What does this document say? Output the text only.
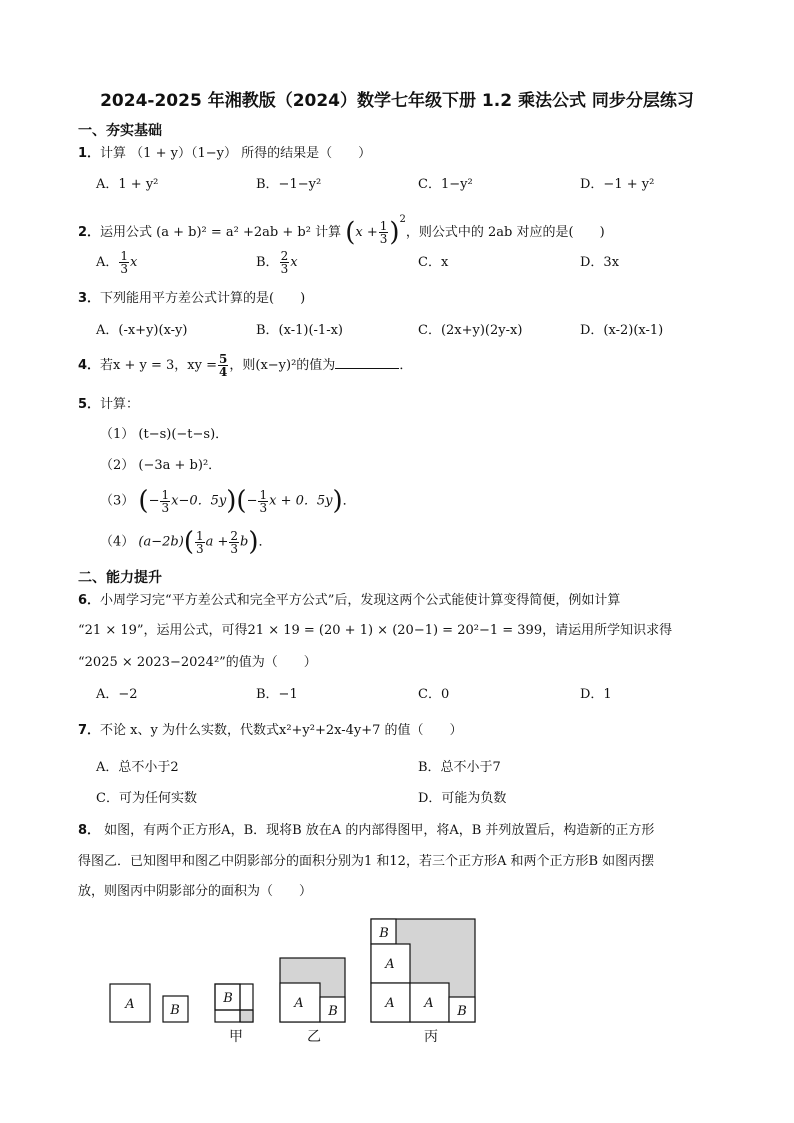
2024-2025 年湘教版（2024）数学七年级下册 1.2 乘法公式 同步分层练习
一、夯实基础
1．计算 （1 + y）（1−y） 所得的结果是（　　）
A．1 + y²	B．−1−y²	C．1−y²	D．−1 + y²
2．运用公式 (a + b)² = a² +2ab + b² 计算 $(x + \frac{1}{3} )^2$，则公式中的 2ab 对应的是(　　)
A． $\frac{1}{3}$ x	B． $\frac{2}{3}$ x	C．x	D．3x
3．下列能用平方差公式计算的是(　　)
A．(-x+y)(x-y)	B．(x-1)(-1-x)	C．(2x+y)(2y-x)	D．(x-2)(x-1)
4．若x + y = 3，xy = $\frac{5}{4}$ ，则(x−y)²的值为	．
5．计算：
（1） (t−s)(−t−s)．
（2） (−3a + b)²．
（3） (− $\frac{1}{3} x-0$．$5y)(- \frac{1}{3}$ x + 0．5y)．
（4） $(a-2b)( \frac{1}{3}$ $a + \frac{2}{3} b$)．
二、能力提升
6．小周学习完“平方差公式和完全平方公式”后，发现这两个公式能使计算变得简便，例如计算
“21 × 19”，运用公式，可得21 × 19 = (20 + 1) × (20−1) = 20²−1 = 399，请运用所学知识求得
“2025 × 2023−2024²”的值为（　　）
A．−2	B．−1	C．0	D．1
7．不论 x、y 为什么实数，代数式x²+y²+2x-4y+7 的值（　　）
A．总不小于2	B．总不小于7
C．可为任何实数	D．可能为负数
8． 如图，有两个正方形A，B．现将B 放在A 的内部得图甲，将A，B 并列放置后，构造新的正方形
得图乙．已知图甲和图乙中阴影部分的面积分别为1 和12，若三个正方形A 和两个正方形B 如图丙摆
放，则图丙中阴影部分的面积为（　　）
A	B
B	A
B
B
A
A A
B
甲	乙	丙
